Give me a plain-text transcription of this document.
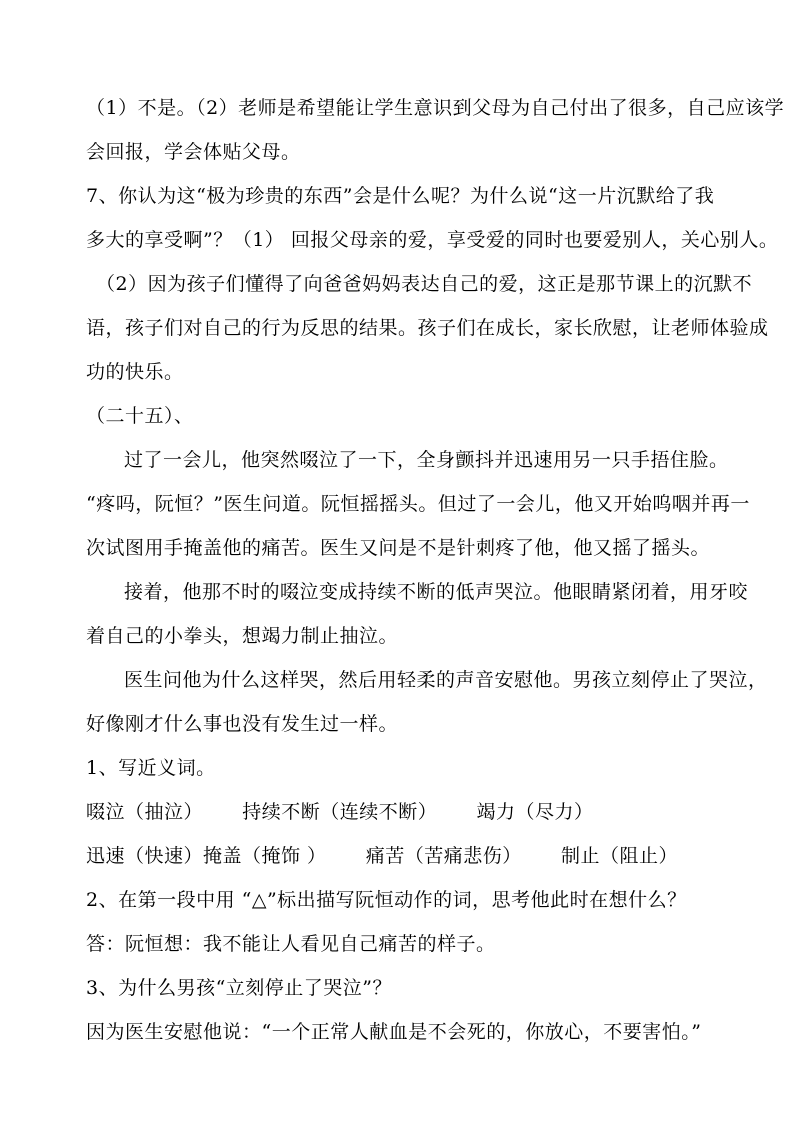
（1）不是。（2）老师是希望能让学生意识到父母为自己付出了很多，自己应该学
会回报，学会体贴父母。
7、你认为这“极为珍贵的东西”会是什么呢？为什么说“这一片沉默给了我
多大的享受啊”？（1） 回报父母亲的爱，享受爱的同时也要爱别人，关心别人。
（2）因为孩子们懂得了向爸爸妈妈表达自己的爱，这正是那节课上的沉默不
语，孩子们对自己的行为反思的结果。孩子们在成长，家长欣慰，让老师体验成
功的快乐。
（二十五）、
过了一会儿，他突然啜泣了一下，全身颤抖并迅速用另一只手捂住脸。
“疼吗，阮恒？”医生问道。阮恒摇摇头。但过了一会儿，他又开始呜咽并再一
次试图用手掩盖他的痛苦。医生又问是不是针刺疼了他，他又摇了摇头。
接着，他那不时的啜泣变成持续不断的低声哭泣。他眼睛紧闭着，用牙咬
着自己的小拳头，想竭力制止抽泣。
医生问他为什么这样哭，然后用轻柔的声音安慰他。男孩立刻停止了哭泣，
好像刚才什么事也没有发生过一样。
1、写近义词。
啜泣（抽泣）      持续不断（连续不断）      竭力（尽力）
迅速（快速）掩盖（掩饰 ）      痛苦（苦痛悲伤）      制止（阻止）
2、在第一段中用 “△”标出描写阮恒动作的词，思考他此时在想什么？
答：阮恒想：我不能让人看见自己痛苦的样子。
3、为什么男孩“立刻停止了哭泣”？
因为医生安慰他说：“一个正常人献血是不会死的，你放心，不要害怕。”
